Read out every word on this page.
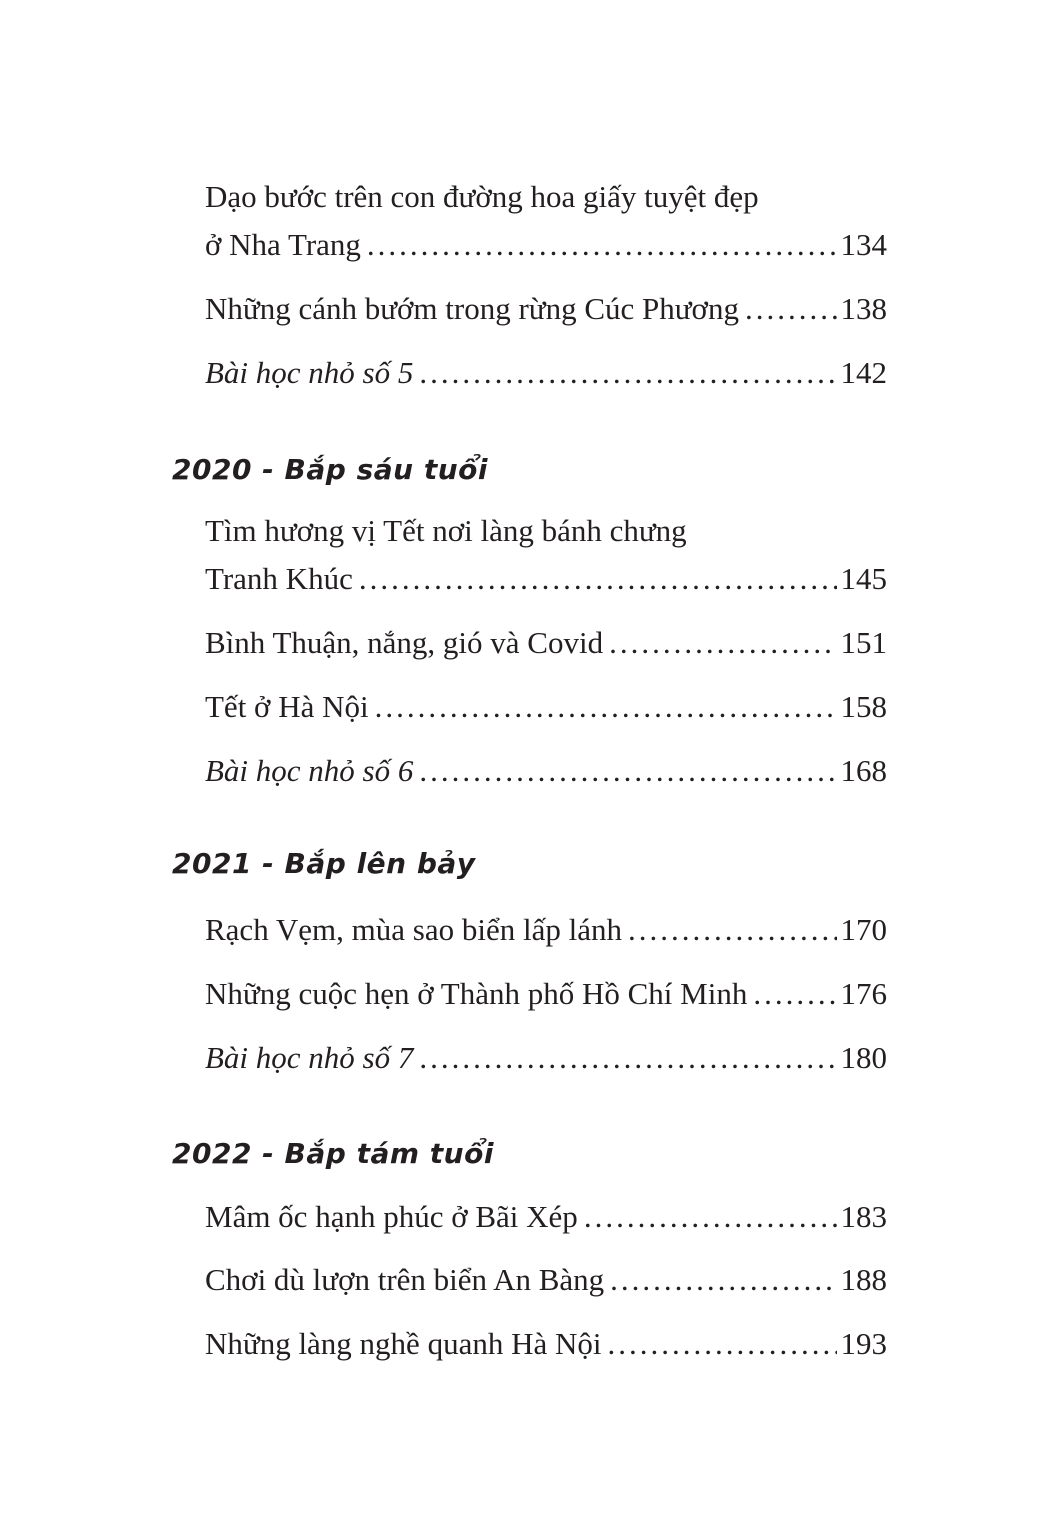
Dạo bước trên con đường hoa giấy tuyệt đẹp
ở Nha Trang .....	134
Những cánh bướm trong rừng Cúc Phương .....	138
Bài học nhỏ số 5 .....	142
2020 - Bắp sáu tuổi
Tìm hương vị Tết nơi làng bánh chưng
Tranh Khúc .....	145
Bình Thuận, nắng, gió và Covid .....	151
Tết ở Hà Nội .....	158
Bài học nhỏ số 6 .....	168
2021 - Bắp lên bảy
Rạch Vẹm, mùa sao biển lấp lánh .....	170
Những cuộc hẹn ở Thành phố Hồ Chí Minh .....	176
Bài học nhỏ số 7 .....	180
2022 - Bắp tám tuổi
Mâm ốc hạnh phúc ở Bãi Xép .....	183
Chơi dù lượn trên biển An Bàng .....	188
Những làng nghề quanh Hà Nội .....	193
